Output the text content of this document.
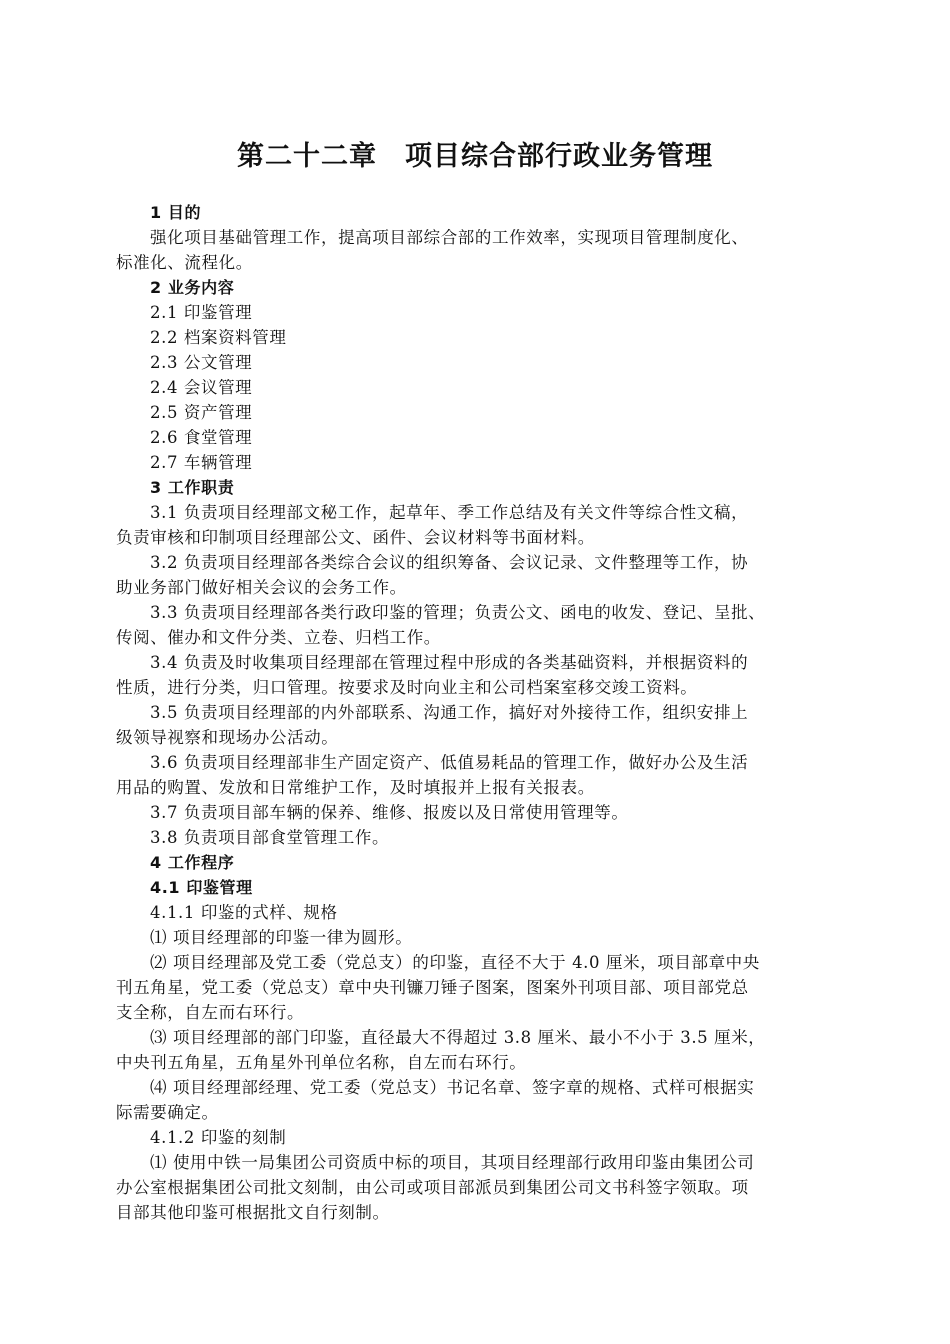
第二十二章　项目综合部行政业务管理
1 目的
强化项目基础管理工作，提高项目部综合部的工作效率，实现项目管理制度化、
标准化、流程化。
2 业务内容
2.1 印鉴管理
2.2 档案资料管理
2.3 公文管理
2.4 会议管理
2.5 资产管理
2.6 食堂管理
2.7 车辆管理
3 工作职责
3.1 负责项目经理部文秘工作，起草年、季工作总结及有关文件等综合性文稿，
负责审核和印制项目经理部公文、函件、会议材料等书面材料。
3.2 负责项目经理部各类综合会议的组织筹备、会议记录、文件整理等工作，协
助业务部门做好相关会议的会务工作。
3.3 负责项目经理部各类行政印鉴的管理；负责公文、函电的收发、登记、呈批、
传阅、催办和文件分类、立卷、归档工作。
3.4 负责及时收集项目经理部在管理过程中形成的各类基础资料，并根据资料的
性质，进行分类，归口管理。按要求及时向业主和公司档案室移交竣工资料。
3.5 负责项目经理部的内外部联系、沟通工作，搞好对外接待工作，组织安排上
级领导视察和现场办公活动。
3.6 负责项目经理部非生产固定资产、低值易耗品的管理工作，做好办公及生活
用品的购置、发放和日常维护工作，及时填报并上报有关报表。
3.7 负责项目部车辆的保养、维修、报废以及日常使用管理等。
3.8 负责项目部食堂管理工作。
4 工作程序
4.1 印鉴管理
4.1.1 印鉴的式样、规格
⑴ 项目经理部的印鉴一律为圆形。
⑵ 项目经理部及党工委（党总支）的印鉴，直径不大于 4.0 厘米，项目部章中央
刊五角星，党工委（党总支）章中央刊镰刀锤子图案，图案外刊项目部、项目部党总
支全称，自左而右环行。
⑶ 项目经理部的部门印鉴，直径最大不得超过 3.8 厘米、最小不小于 3.5 厘米，
中央刊五角星，五角星外刊单位名称，自左而右环行。
⑷ 项目经理部经理、党工委（党总支）书记名章、签字章的规格、式样可根据实
际需要确定。
4.1.2 印鉴的刻制
⑴ 使用中铁一局集团公司资质中标的项目，其项目经理部行政用印鉴由集团公司
办公室根据集团公司批文刻制，由公司或项目部派员到集团公司文书科签字领取。项
目部其他印鉴可根据批文自行刻制。
